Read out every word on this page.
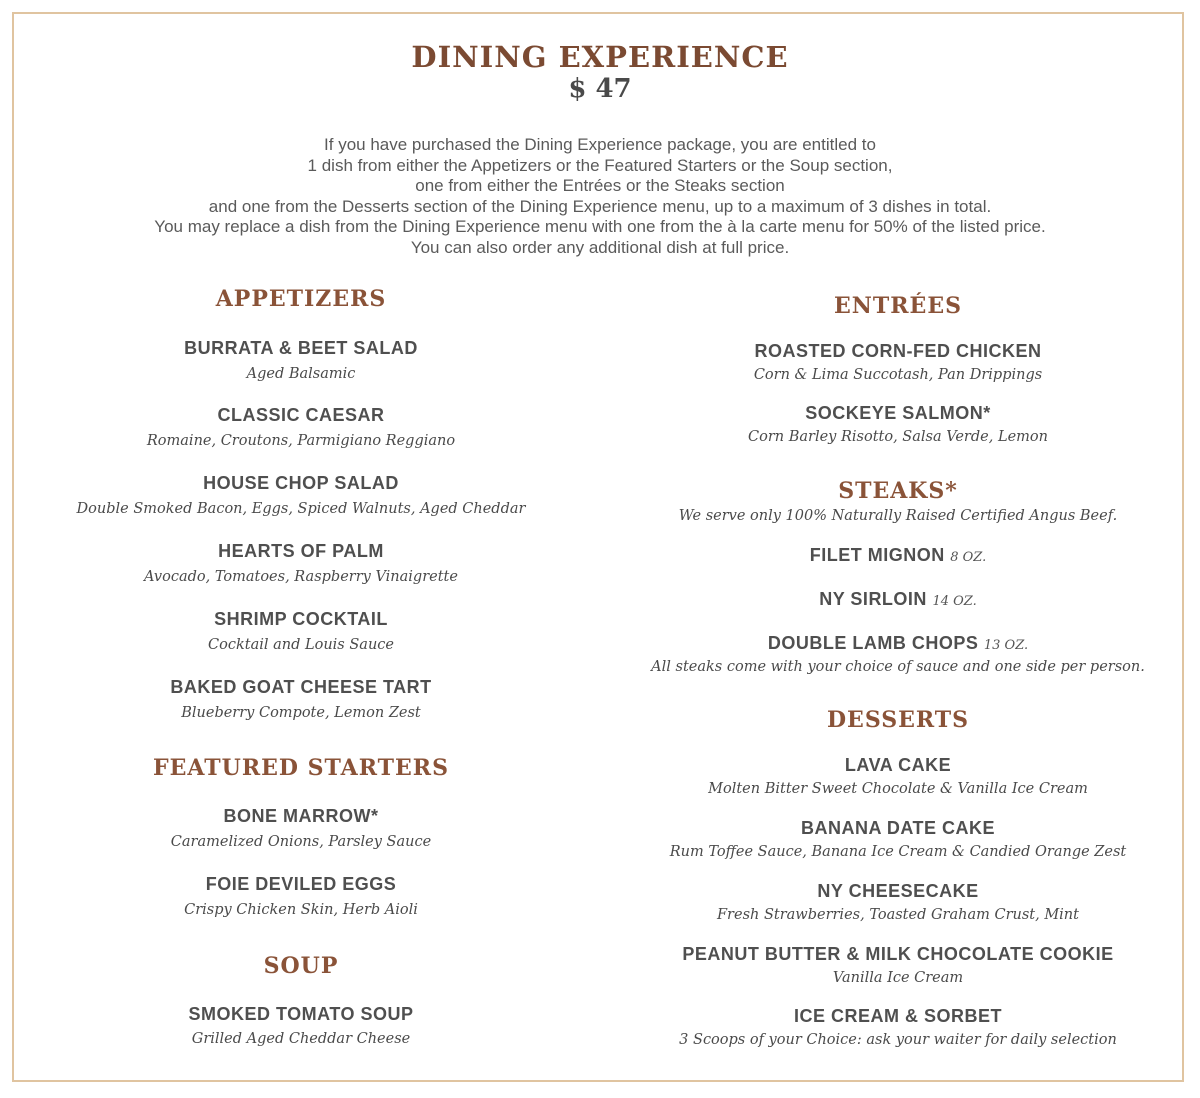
DINING EXPERIENCE
$ 47
If you have purchased the Dining Experience package, you are entitled to
1 dish from either the Appetizers or the Featured Starters or the Soup section,
one from either the Entrées or the Steaks section
and one from the Desserts section of the Dining Experience menu, up to a maximum of 3 dishes in total.
You may replace a dish from the Dining Experience menu with one from the à la carte menu for 50% of the listed price.
You can also order any additional dish at full price.
APPETIZERS
BURRATA & BEET SALAD
Aged Balsamic
CLASSIC CAESAR
Romaine, Croutons, Parmigiano Reggiano
HOUSE CHOP SALAD
Double Smoked Bacon, Eggs, Spiced Walnuts, Aged Cheddar
HEARTS OF PALM
Avocado, Tomatoes, Raspberry Vinaigrette
SHRIMP COCKTAIL
Cocktail and Louis Sauce
BAKED GOAT CHEESE TART
Blueberry Compote, Lemon Zest
FEATURED STARTERS
BONE MARROW*
Caramelized Onions, Parsley Sauce
FOIE DEVILED EGGS
Crispy Chicken Skin, Herb Aioli
SOUP
SMOKED TOMATO SOUP
Grilled Aged Cheddar Cheese
ENTRÉES
ROASTED CORN-FED CHICKEN
Corn & Lima Succotash, Pan Drippings
SOCKEYE SALMON*
Corn Barley Risotto, Salsa Verde, Lemon
STEAKS*
We serve only 100% Naturally Raised Certified Angus Beef.
FILET MIGNON 8 OZ.
NY SIRLOIN 14 OZ.
DOUBLE LAMB CHOPS 13 OZ.
All steaks come with your choice of sauce and one side per person.
DESSERTS
LAVA CAKE
Molten Bitter Sweet Chocolate & Vanilla Ice Cream
BANANA DATE CAKE
Rum Toffee Sauce, Banana Ice Cream & Candied Orange Zest
NY CHEESECAKE
Fresh Strawberries, Toasted Graham Crust, Mint
PEANUT BUTTER & MILK CHOCOLATE COOKIE
Vanilla Ice Cream
ICE CREAM & SORBET
3 Scoops of your Choice: ask your waiter for daily selection
